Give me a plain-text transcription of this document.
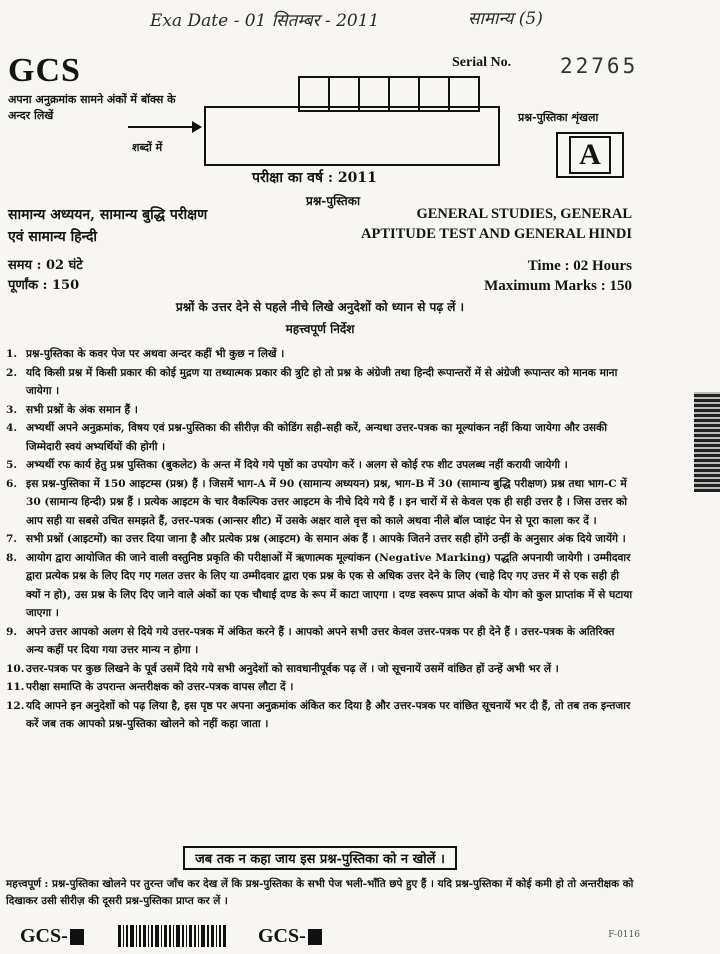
Exa Date - 01 सितम्बर - 2011	सामान्य (5)
GCS	Serial No. 22765
अपना अनुक्रमांक सामने अंकों में बॉक्स के अन्दर लिखें
शब्दों में
प्रश्न-पुस्तिका शृंखला
A
परीक्षा का वर्ष : 2011
प्रश्न-पुस्तिका
सामान्य अध्ययन, सामान्य बुद्धि परीक्षण
एवं सामान्य हिन्दी
GENERAL STUDIES, GENERAL
APTITUDE TEST AND GENERAL HINDI
समय : 02 घंटे
पूर्णांक : 150
Time : 02 Hours
Maximum Marks : 150
प्रश्नों के उत्तर देने से पहले नीचे लिखे अनुदेशों को ध्यान से पढ़ लें ।
महत्त्वपूर्ण निर्देश
1. प्रश्न-पुस्तिका के कवर पेज पर अथवा अन्दर कहीं भी कुछ न लिखें ।
2. यदि किसी प्रश्न में किसी प्रकार की कोई मुद्रण या तथ्यात्मक प्रकार की त्रुटि हो तो प्रश्न के अंग्रेजी तथा हिन्दी रूपान्तरों में से अंग्रेजी रूपान्तर को मानक माना जायेगा ।
3. सभी प्रश्नों के अंक समान हैं ।
4. अभ्यर्थी अपने अनुक्रमांक, विषय एवं प्रश्न-पुस्तिका की सीरीज़ की कोडिंग सही-सही करें, अन्यथा उत्तर-पत्रक का मूल्यांकन नहीं किया जायेगा और उसकी जिम्मेदारी स्वयं अभ्यर्थियों की होगी ।
5. अभ्यर्थी रफ कार्य हेतु प्रश्न पुस्तिका (बुकलेट) के अन्त में दिये गये पृष्ठों का उपयोग करें । अलग से कोई रफ शीट उपलब्ध नहीं करायी जायेगी ।
6. इस प्रश्न-पुस्तिका में 150 आइटम्स (प्रश्न) हैं । जिसमें भाग-A में 90 (सामान्य अध्ययन) प्रश्न, भाग-B में 30 (सामान्य बुद्धि परीक्षण) प्रश्न तथा भाग-C में 30 (सामान्य हिन्दी) प्रश्न हैं । प्रत्येक आइटम के चार वैकल्पिक उत्तर आइटम के नीचे दिये गये हैं । इन चारों में से केवल एक ही सही उत्तर है । जिस उत्तर को आप सही या सबसे उचित समझते हैं, उत्तर-पत्रक (आन्सर शीट) में उसके अक्षर वाले वृत्त को काले अथवा नीले बॉल प्वाइंट पेन से पूरा काला कर दें ।
7. सभी प्रश्नों (आइटमों) का उत्तर दिया जाना है और प्रत्येक प्रश्न (आइटम) के समान अंक हैं । आपके जितने उत्तर सही होंगे उन्हीं के अनुसार अंक दिये जायेंगे ।
8. आयोग द्वारा आयोजित की जाने वाली वस्तुनिष्ठ प्रकृति की परीक्षाओं में ऋणात्मक मूल्यांकन (Negative Marking) पद्धति अपनायी जायेगी । उम्मीदवार द्वारा प्रत्येक प्रश्न के लिए दिए गए गलत उत्तर के लिए या उम्मीदवार द्वारा एक प्रश्न के एक से अधिक उत्तर देने के लिए (चाहे दिए गए उत्तर में से एक सही ही क्यों न हो), उस प्रश्न के लिए दिए जाने वाले अंकों का एक चौथाई दण्ड के रूप में काटा जाएगा । दण्ड स्वरूप प्राप्त अंकों के योग को कुल प्राप्तांक में से घटाया जाएगा ।
9. अपने उत्तर आपको अलग से दिये गये उत्तर-पत्रक में अंकित करने हैं । आपको अपने सभी उत्तर केवल उत्तर-पत्रक पर ही देने हैं । उत्तर-पत्रक के अतिरिक्त अन्य कहीं पर दिया गया उत्तर मान्य न होगा ।
10. उत्तर-पत्रक पर कुछ लिखने के पूर्व उसमें दिये गये सभी अनुदेशों को सावधानीपूर्वक पढ़ लें । जो सूचनायें उसमें वांछित हों उन्हें अभी भर लें ।
11. परीक्षा समाप्ति के उपरान्त अन्तरीक्षक को उत्तर-पत्रक वापस लौटा दें ।
12. यदि आपने इन अनुदेशों को पढ़ लिया है, इस पृष्ठ पर अपना अनुक्रमांक अंकित कर दिया है और उत्तर-पत्रक पर वांछित सूचनायें भर दी हैं, तो तब तक इन्तजार करें जब तक आपको प्रश्न-पुस्तिका खोलने को नहीं कहा जाता ।
जब तक न कहा जाय इस प्रश्न-पुस्तिका को न खोलें ।
महत्त्वपूर्ण : प्रश्न-पुस्तिका खोलने पर तुरन्त जाँच कर देख लें कि प्रश्न-पुस्तिका के सभी पेज भली-भाँति छपे हुए हैं । यदि प्रश्न-पुस्तिका में कोई कमी हो तो अन्तरीक्षक को दिखाकर उसी सीरीज़ की दूसरी प्रश्न-पुस्तिका प्राप्त कर लें ।
GCS-	GCS-	F-0116
